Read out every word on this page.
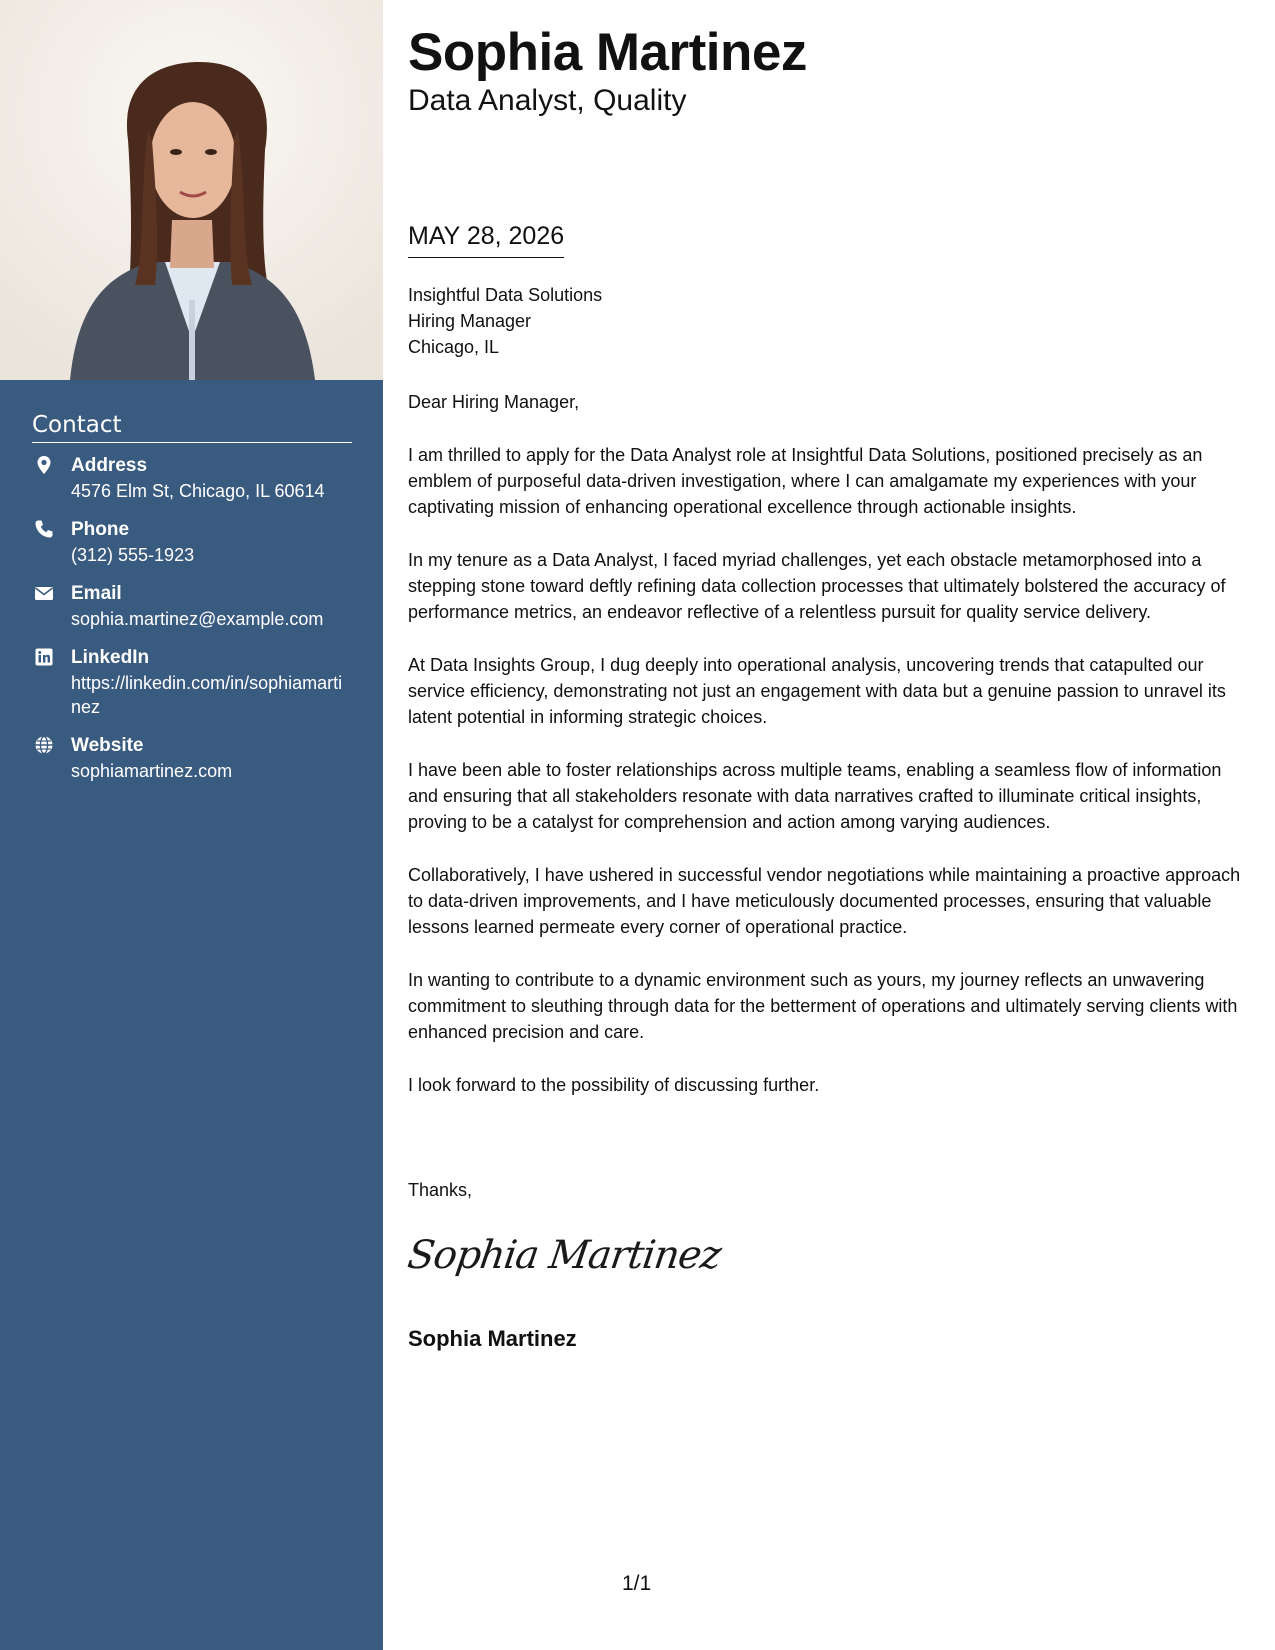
Contact
Address
4576 Elm St, Chicago, IL 60614
Phone
(312) 555-1923
Email
sophia.martinez@example.com
LinkedIn
https://linkedin.com/in/sophiamartinez
Website
sophiamartinez.com
Sophia Martinez
Data Analyst, Quality
MAY 28, 2026
Insightful Data Solutions
Hiring Manager
Chicago, IL

Dear Hiring Manager,

I am thrilled to apply for the Data Analyst role at Insightful Data Solutions, positioned precisely as an emblem of purposeful data-driven investigation, where I can amalgamate my experiences with your captivating mission of enhancing operational excellence through actionable insights.

In my tenure as a Data Analyst, I faced myriad challenges, yet each obstacle metamorphosed into a stepping stone toward deftly refining data collection processes that ultimately bolstered the accuracy of performance metrics, an endeavor reflective of a relentless pursuit for quality service delivery.

At Data Insights Group, I dug deeply into operational analysis, uncovering trends that catapulted our service efficiency, demonstrating not just an engagement with data but a genuine passion to unravel its latent potential in informing strategic choices.

I have been able to foster relationships across multiple teams, enabling a seamless flow of information and ensuring that all stakeholders resonate with data narratives crafted to illuminate critical insights, proving to be a catalyst for comprehension and action among varying audiences.

Collaboratively, I have ushered in successful vendor negotiations while maintaining a proactive approach to data-driven improvements, and I have meticulously documented processes, ensuring that valuable lessons learned permeate every corner of operational practice.

In wanting to contribute to a dynamic environment such as yours, my journey reflects an unwavering commitment to sleuthing through data for the betterment of operations and ultimately serving clients with enhanced precision and care.

I look forward to the possibility of discussing further.

Thanks,
Sophia Martinez
Sophia Martinez
1/1
